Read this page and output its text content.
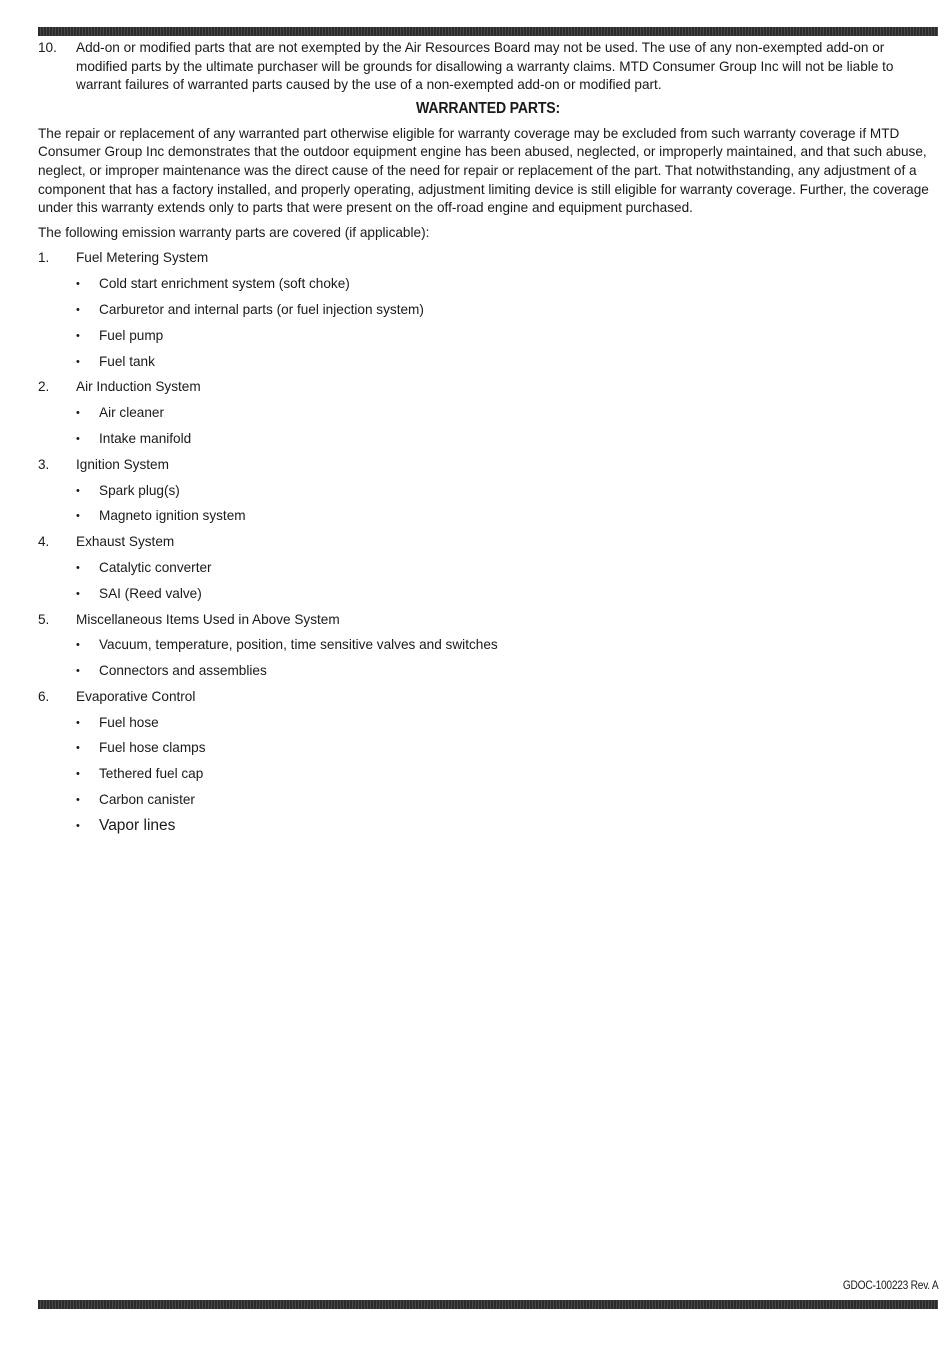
10.	Add-on or modified parts that are not exempted by the Air Resources Board may not be used. The use of any non-exempted add-on or modified parts by the ultimate purchaser will be grounds for disallowing a warranty claims. MTD Consumer Group Inc will not be liable to warrant failures of warranted parts caused by the use of a non-exempted add-on or modified part.
WARRANTED PARTS:

The repair or replacement of any warranted part otherwise eligible for warranty coverage may be excluded from such warranty coverage if MTD Consumer Group Inc demonstrates that the outdoor equipment engine has been abused, neglected, or improperly maintained, and that such abuse, neglect, or improper maintenance was the direct cause of the need for repair or replacement of the part. That notwithstanding, any adjustment of a component that has a factory installed, and properly operating, adjustment limiting device is still eligible for warranty coverage. Further, the coverage under this warranty extends only to parts that were present on the off-road engine and equipment purchased.

The following emission warranty parts are covered (if applicable):

1.	Fuel Metering System
•	Cold start enrichment system (soft choke)
•	Carburetor and internal parts (or fuel injection system)
•	Fuel pump
•	Fuel tank
2.	Air Induction System
•	Air cleaner
•	Intake manifold
3.	Ignition System
•	Spark plug(s)
•	Magneto ignition system
4.	Exhaust System
•	Catalytic converter
•	SAI (Reed valve)
5.	Miscellaneous Items Used in Above System
•	Vacuum, temperature, position, time sensitive valves and switches
•	Connectors and assemblies
6.	Evaporative Control
•	Fuel hose
•	Fuel hose clamps
•	Tethered fuel cap
•	Carbon canister
•	Vapor lines
GDOC-100223 Rev. A
